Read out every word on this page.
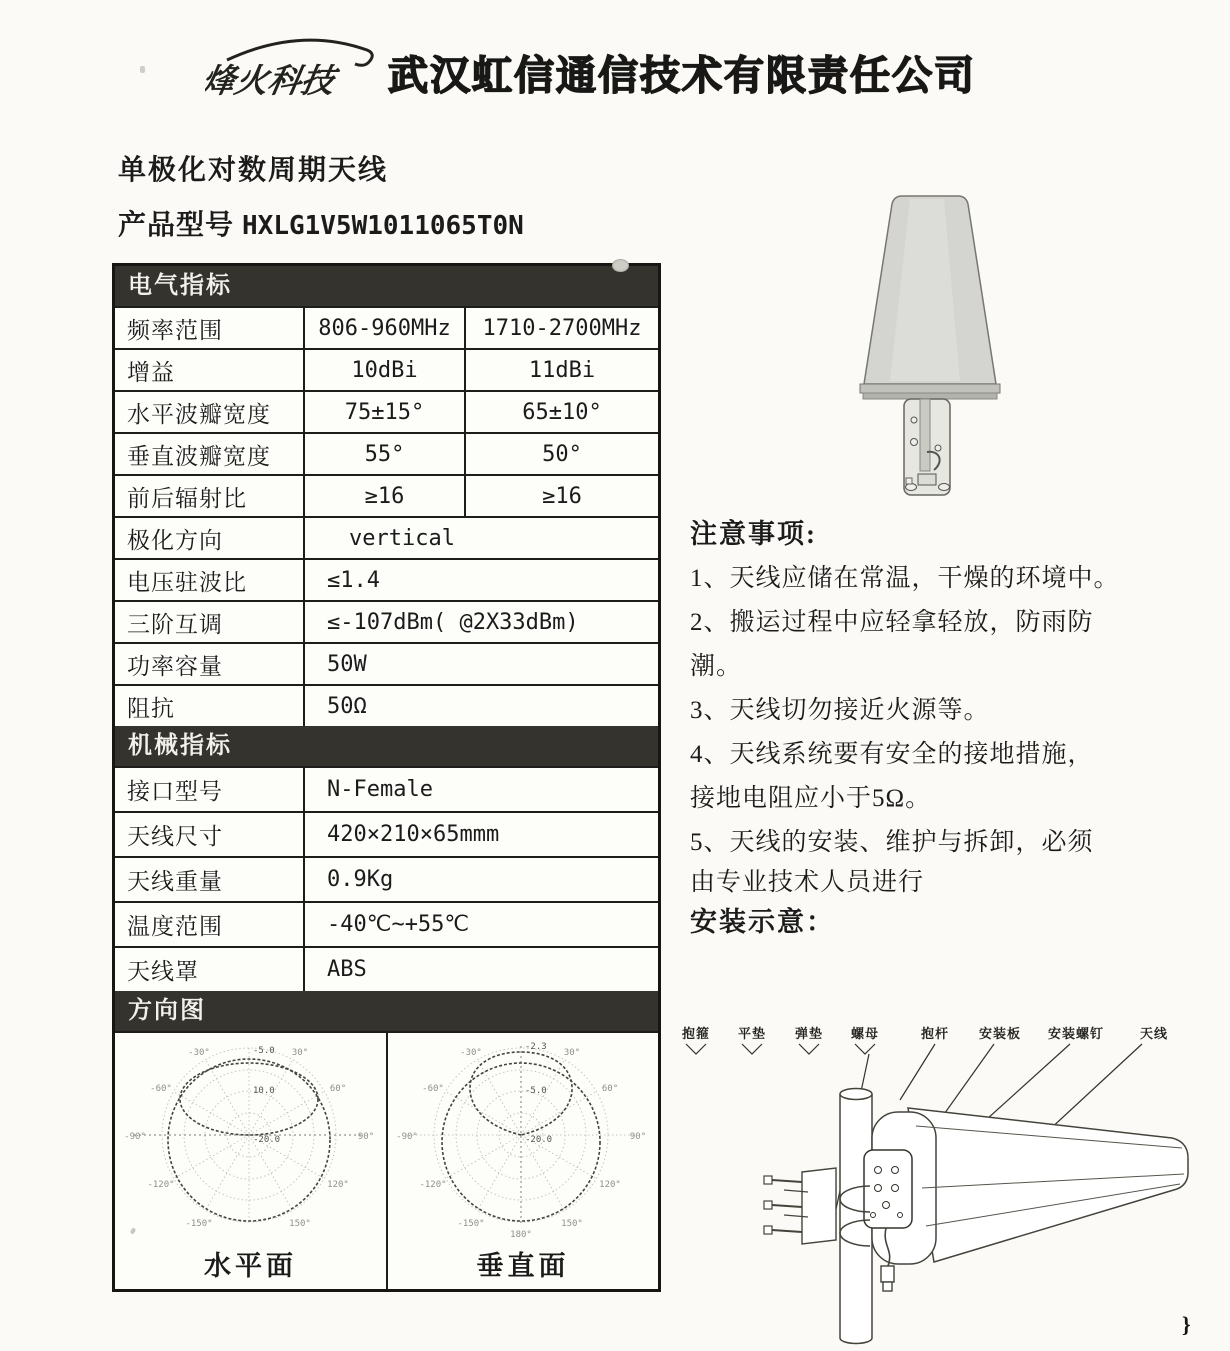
烽火科技 武汉虹信通信技术有限责任公司
单极化对数周期天线
产品型号 HXLG1V5W1011065T0N
电气指标
频率范围	806-960MHz	1710-2700MHz
增益	10dBi	11dBi
水平波瓣宽度	75±15°	65±10°
垂直波瓣宽度	55°	50°
前后辐射比	≥16	≥16
极化方向	vertical
电压驻波比	≤1.4
三阶互调	≤-107dBm( @2X33dBm)
功率容量	50W
阻抗	50Ω
机械指标
接口型号	N-Female
天线尺寸	420×210×65mmm
天线重量	0.9Kg
温度范围	-40℃~+55℃
天线罩	ABS
方向图
-30°	30°
-60°	60°
-90°	90°
-120°	120°
-150°	150°
-5.0
10.0
-20.0
水平面
-30°	30°
-60°	60°
-90°	90°
-120°	120°
-150°	150°
180°
-2.3
-5.0
-20.0
垂直面
注意事项:
1、天线应储在常温，干燥的环境中。
2、搬运过程中应轻拿轻放，防雨防
潮。
3、天线切勿接近火源等。
4、天线系统要有安全的接地措施，
接地电阻应小于5Ω。
5、天线的安装、维护与拆卸，必须
由专业技术人员进行
安装示意：
抱箍 平垫 弹垫 螺母	抱杆 安装板 安装螺钉	天线
}
